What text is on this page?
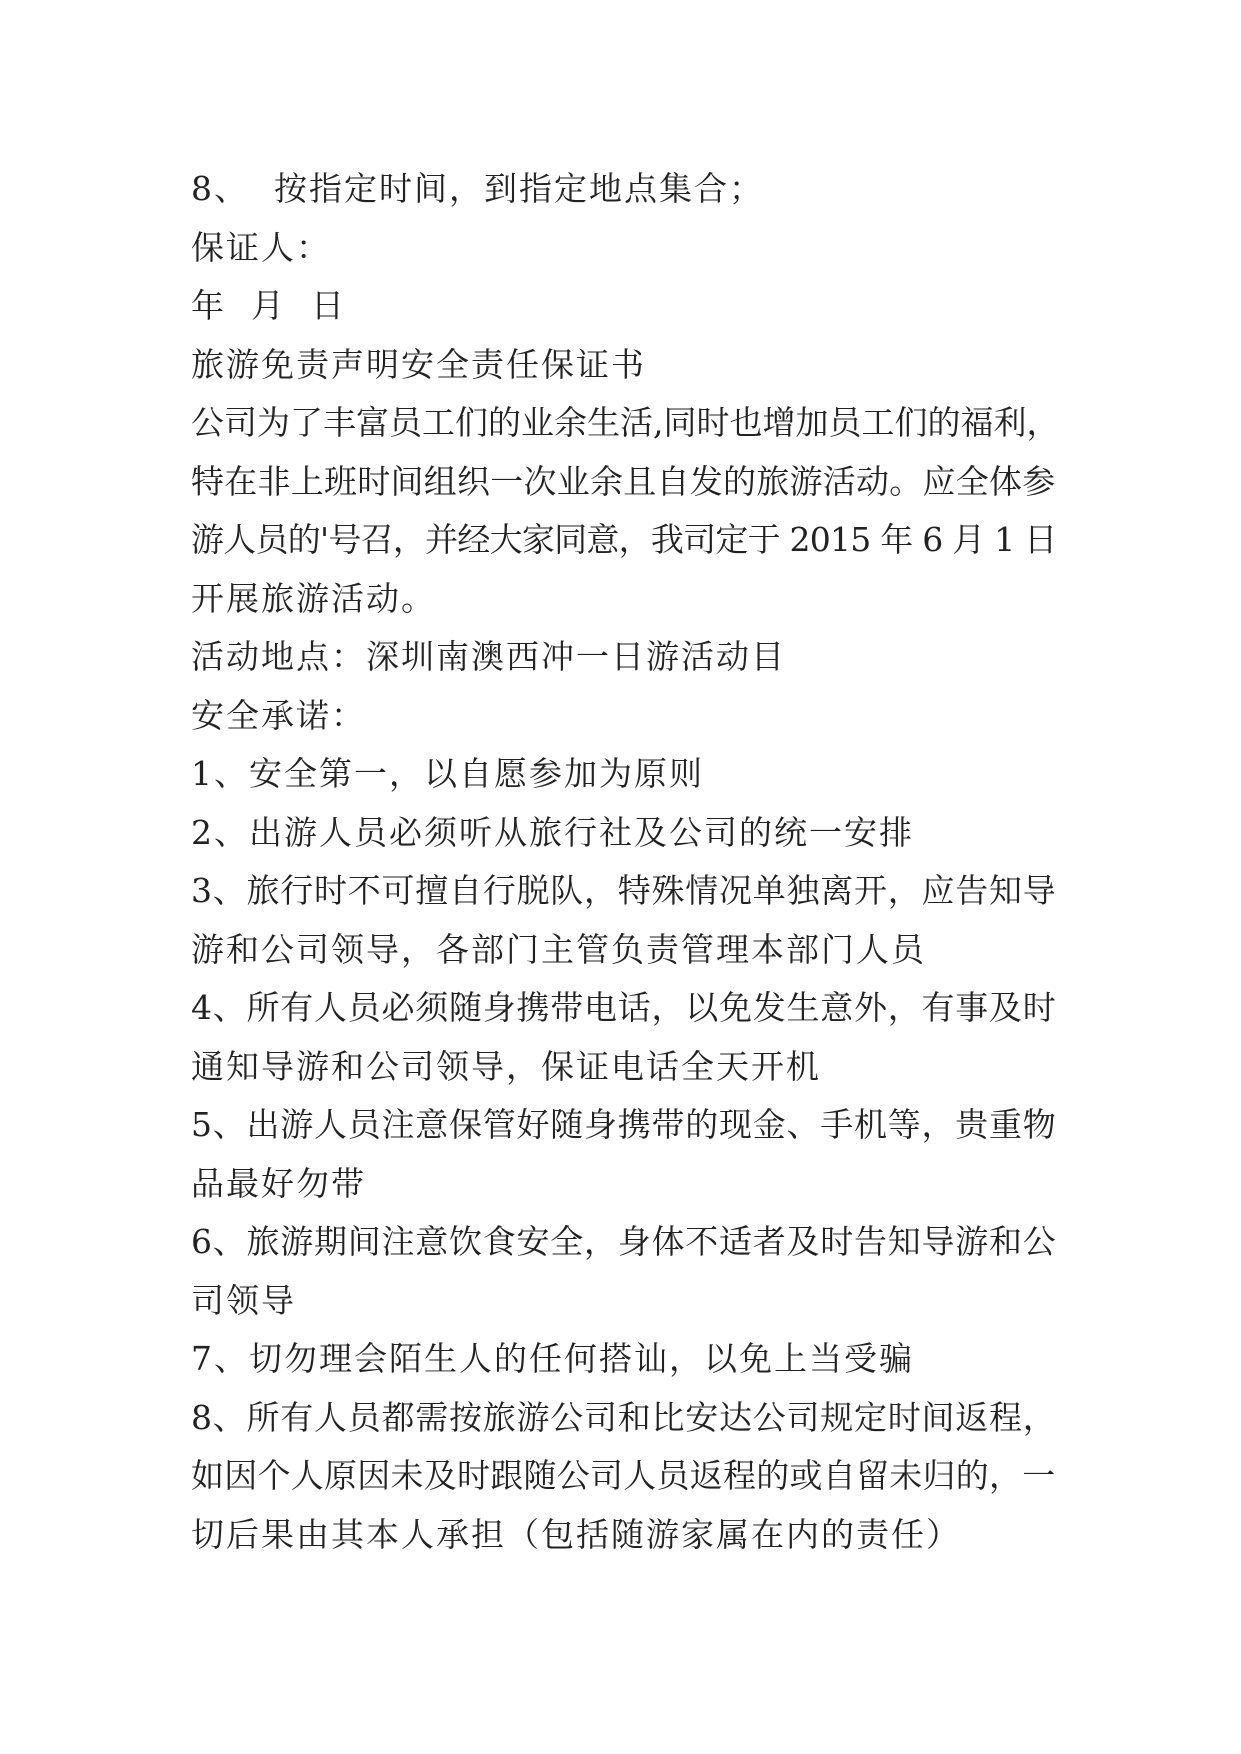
8、  按指定时间，到指定地点集合；
保证人：
年  月  日
旅游免责声明安全责任保证书
公司为了丰富员工们的业余生活,同时也增加员工们的福利，
特在非上班时间组织一次业余且自发的旅游活动。应全体参
游人员的'号召，并经大家同意，我司定于 2015 年 6 月 1 日
开展旅游活动。
活动地点：深圳南澳西冲一日游活动目
安全承诺：
1、安全第一，以自愿参加为原则
2、出游人员必须听从旅行社及公司的统一安排
3、旅行时不可擅自行脱队，特殊情况单独离开，应告知导
游和公司领导，各部门主管负责管理本部门人员
4、所有人员必须随身携带电话，以免发生意外，有事及时
通知导游和公司领导，保证电话全天开机
5、出游人员注意保管好随身携带的现金、手机等，贵重物
品最好勿带
6、旅游期间注意饮食安全，身体不适者及时告知导游和公
司领导
7、切勿理会陌生人的任何搭讪，以免上当受骗
8、所有人员都需按旅游公司和比安达公司规定时间返程，
如因个人原因未及时跟随公司人员返程的或自留未归的，一
切后果由其本人承担（包括随游家属在内的责任）
